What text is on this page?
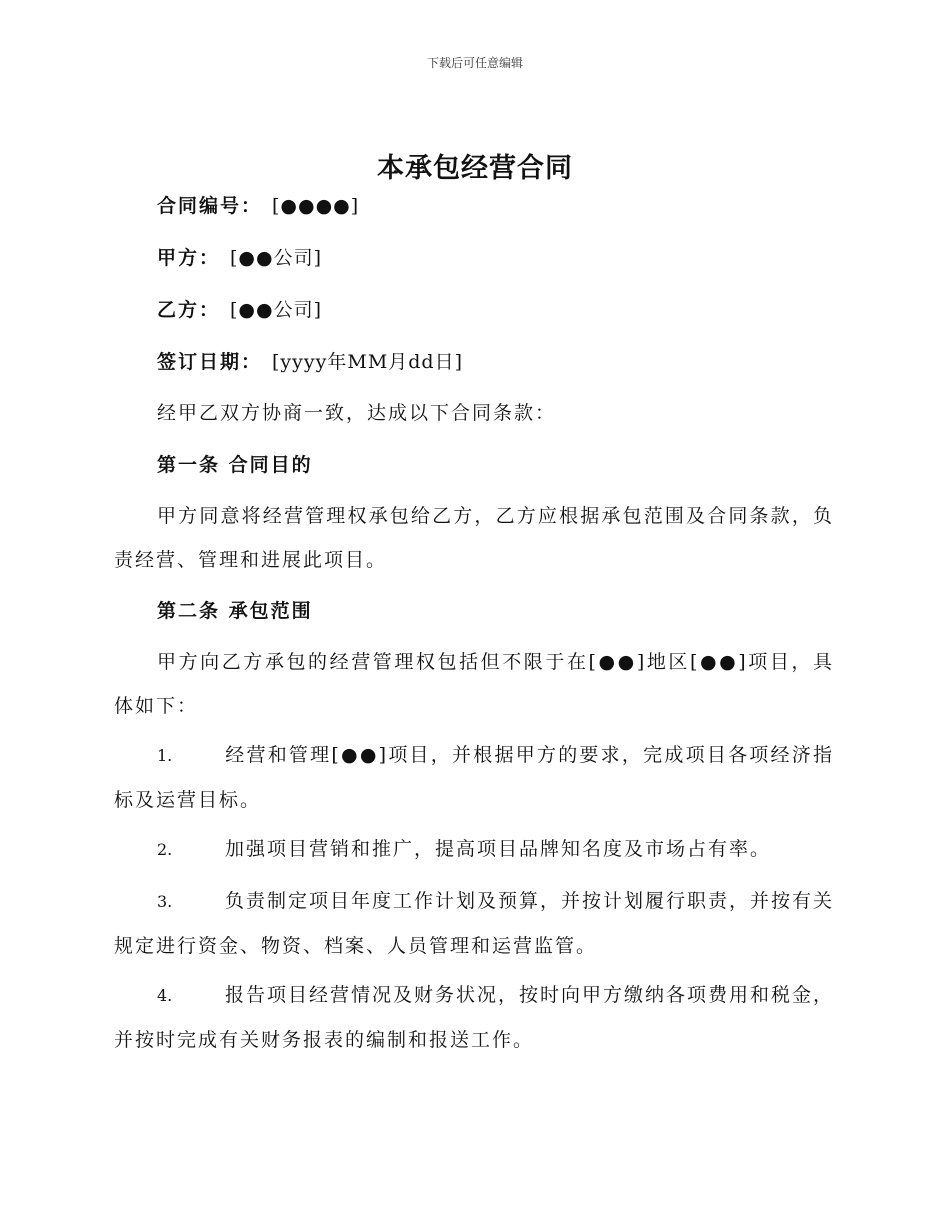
下载后可任意编辑
本承包经营合同
合同编号： [●●●●]
甲方： [●●公司]
乙方： [●●公司]
签订日期： [yyyy年MM月dd日]
经甲乙双方协商一致，达成以下合同条款：
第一条 合同目的
甲方同意将经营管理权承包给乙方，乙方应根据承包范围及合同条款，负责经营、管理和进展此项目。
第二条 承包范围
甲方向乙方承包的经营管理权包括但不限于在[●●]地区[●●]项目，具体如下：
1.	经营和管理[●●]项目，并根据甲方的要求，完成项目各项经济指标及运营目标。
2.	加强项目营销和推广，提高项目品牌知名度及市场占有率。
3.	负责制定项目年度工作计划及预算，并按计划履行职责，并按有关规定进行资金、物资、档案、人员管理和运营监管。
4.	报告项目经营情况及财务状况，按时向甲方缴纳各项费用和税金，并按时完成有关财务报表的编制和报送工作。
